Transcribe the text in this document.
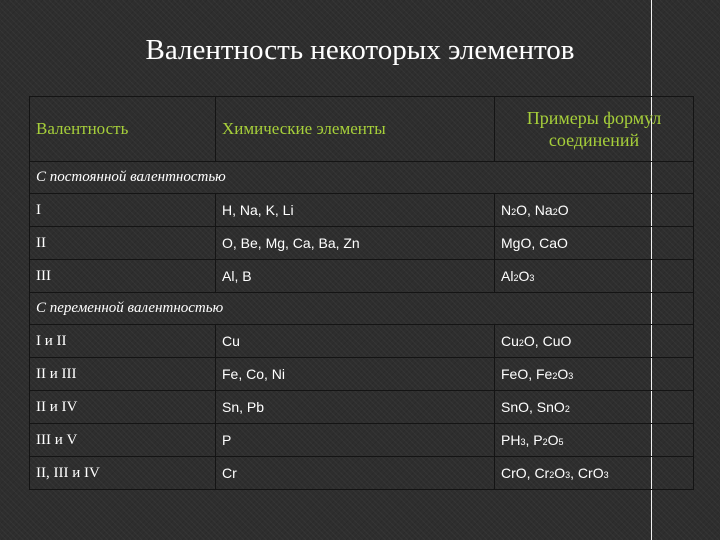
Валентность некоторых элементов
Валентность	Химические элементы	Примеры формул соединений
С постоянной валентностью		
I	H, Na, K, Li	N2O, Na2O
II	O, Be, Mg, Ca, Ba, Zn	MgO, CaO
III	Al, B	Al2O3
С переменной валентностью		
I и II	Cu	Cu2O, CuO
II и III	Fe, Co, Ni	FeO, Fe2O3
II и IV	Sn, Pb	SnO, SnO2
III и V	P	PH3, P2O5
II, III и IV	Cr	CrO, Cr2O3, CrO3
